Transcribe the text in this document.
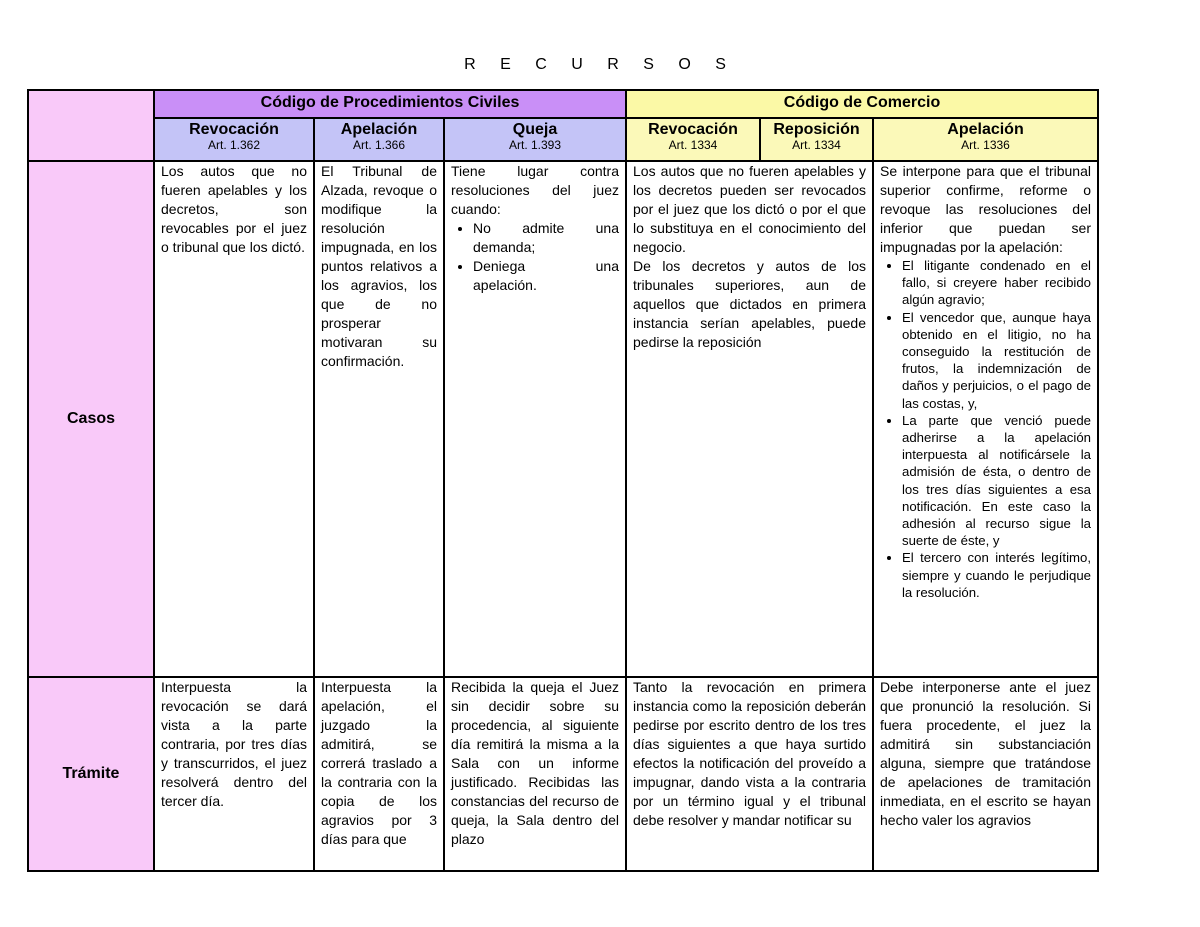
R E C U R S O S
Casos
Trámite
Código de Procedimientos Civiles	Código de Comercio
Revocación
Art. 1.362
Apelación
Art. 1.366
Queja
Art. 1.393
Revocación
Art. 1334
Reposición
Art. 1334
Apelación
Art. 1336
Los autos que no fueren apelables y los decretos, son revocables por el juez o tribunal que los dictó.
El Tribunal de Alzada, revoque o modifique la resolución impugnada, en los puntos relativos a los agravios, los que de no prosperar motivaran su confirmación.
Tiene lugar contra resoluciones del juez cuando:
• No admite una demanda;
• Deniega una apelación.
Los autos que no fueren apelables y los decretos pueden ser revocados por el juez que los dictó o por el que lo substituya en el conocimiento del negocio.
De los decretos y autos de los tribunales superiores, aun de aquellos que dictados en primera instancia serían apelables, puede pedirse la reposición
Se interpone para que el tribunal superior confirme, reforme o revoque las resoluciones del inferior que puedan ser impugnadas por la apelación:
• El litigante condenado en el fallo, si creyere haber recibido algún agravio;
• El vencedor que, aunque haya obtenido en el litigio, no ha conseguido la restitución de frutos, la indemnización de daños y perjuicios, o el pago de las costas, y,
• La parte que venció puede adherirse a la apelación interpuesta al notificársele la admisión de ésta, o dentro de los tres días siguientes a esa notificación. En este caso la adhesión al recurso sigue la suerte de éste, y
• El tercero con interés legítimo, siempre y cuando le perjudique la resolución.
Interpuesta la revocación se dará vista a la parte contraria, por tres días y transcurridos, el juez resolverá dentro del tercer día.
Interpuesta la apelación, el juzgado la admitirá, se correrá traslado a la contraria con la copia de los agravios por 3 días para que
Recibida la queja el Juez sin decidir sobre su procedencia, al siguiente día remitirá la misma a la Sala con un informe justificado. Recibidas las constancias del recurso de queja, la Sala dentro del plazo
Tanto la revocación en primera instancia como la reposición deberán pedirse por escrito dentro de los tres días siguientes a que haya surtido efectos la notificación del proveído a impugnar, dando vista a la contraria por un término igual y el tribunal debe resolver y mandar notificar su
Debe interponerse ante el juez que pronunció la resolución. Si fuera procedente, el juez la admitirá sin substanciación alguna, siempre que tratándose de apelaciones de tramitación inmediata, en el escrito se hayan hecho valer los agravios
